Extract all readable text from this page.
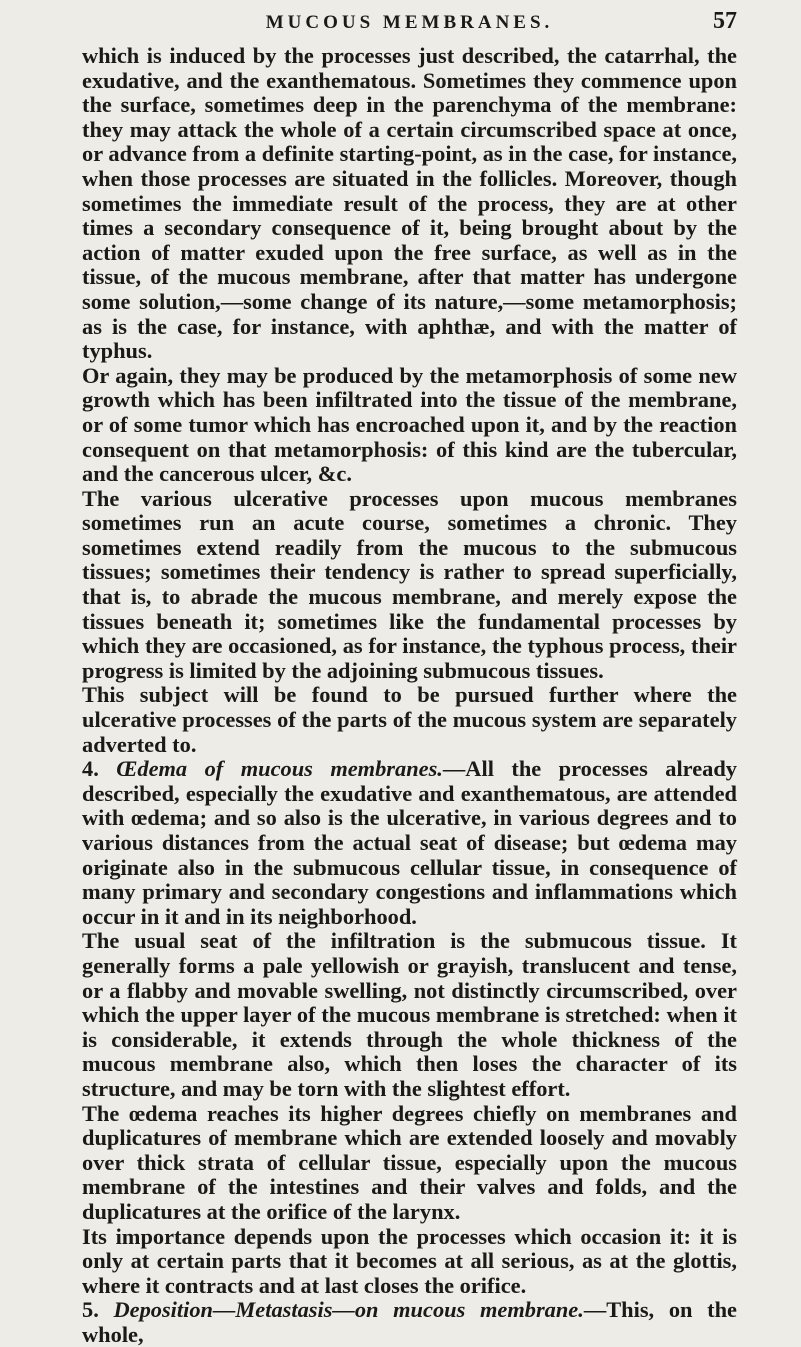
MUCOUS MEMBRANES.	57

which is induced by the processes just described, the catarrhal, the exudative, and the exanthematous. Sometimes they commence upon the surface, sometimes deep in the parenchyma of the membrane: they may attack the whole of a certain circumscribed space at once, or advance from a definite starting-point, as in the case, for instance, when those processes are situated in the follicles. Moreover, though sometimes the immediate result of the process, they are at other times a secondary consequence of it, being brought about by the action of matter exuded upon the free surface, as well as in the tissue, of the mucous membrane, after that matter has undergone some solution,—some change of its nature,—some metamorphosis; as is the case, for instance, with aphthæ, and with the matter of typhus.

Or again, they may be produced by the metamorphosis of some new growth which has been infiltrated into the tissue of the membrane, or of some tumor which has encroached upon it, and by the reaction consequent on that metamorphosis: of this kind are the tubercular, and the cancerous ulcer, &c.

The various ulcerative processes upon mucous membranes sometimes run an acute course, sometimes a chronic. They sometimes extend readily from the mucous to the submucous tissues; sometimes their tendency is rather to spread superficially, that is, to abrade the mucous membrane, and merely expose the tissues beneath it; sometimes like the fundamental processes by which they are occasioned, as for instance, the typhous process, their progress is limited by the adjoining submucous tissues.

This subject will be found to be pursued further where the ulcerative processes of the parts of the mucous system are separately adverted to.

4. Œdema of mucous membranes.—All the processes already described, especially the exudative and exanthematous, are attended with œdema; and so also is the ulcerative, in various degrees and to various distances from the actual seat of disease; but œdema may originate also in the submucous cellular tissue, in consequence of many primary and secondary congestions and inflammations which occur in it and in its neighborhood.

The usual seat of the infiltration is the submucous tissue. It generally forms a pale yellowish or grayish, translucent and tense, or a flabby and movable swelling, not distinctly circumscribed, over which the upper layer of the mucous membrane is stretched: when it is considerable, it extends through the whole thickness of the mucous membrane also, which then loses the character of its structure, and may be torn with the slightest effort.

The œdema reaches its higher degrees chiefly on membranes and duplicatures of membrane which are extended loosely and movably over thick strata of cellular tissue, especially upon the mucous membrane of the intestines and their valves and folds, and the duplicatures at the orifice of the larynx.

Its importance depends upon the processes which occasion it: it is only at certain parts that it becomes at all serious, as at the glottis, where it contracts and at last closes the orifice.

5. Deposition—Metastasis—on mucous membrane.—This, on the whole,
